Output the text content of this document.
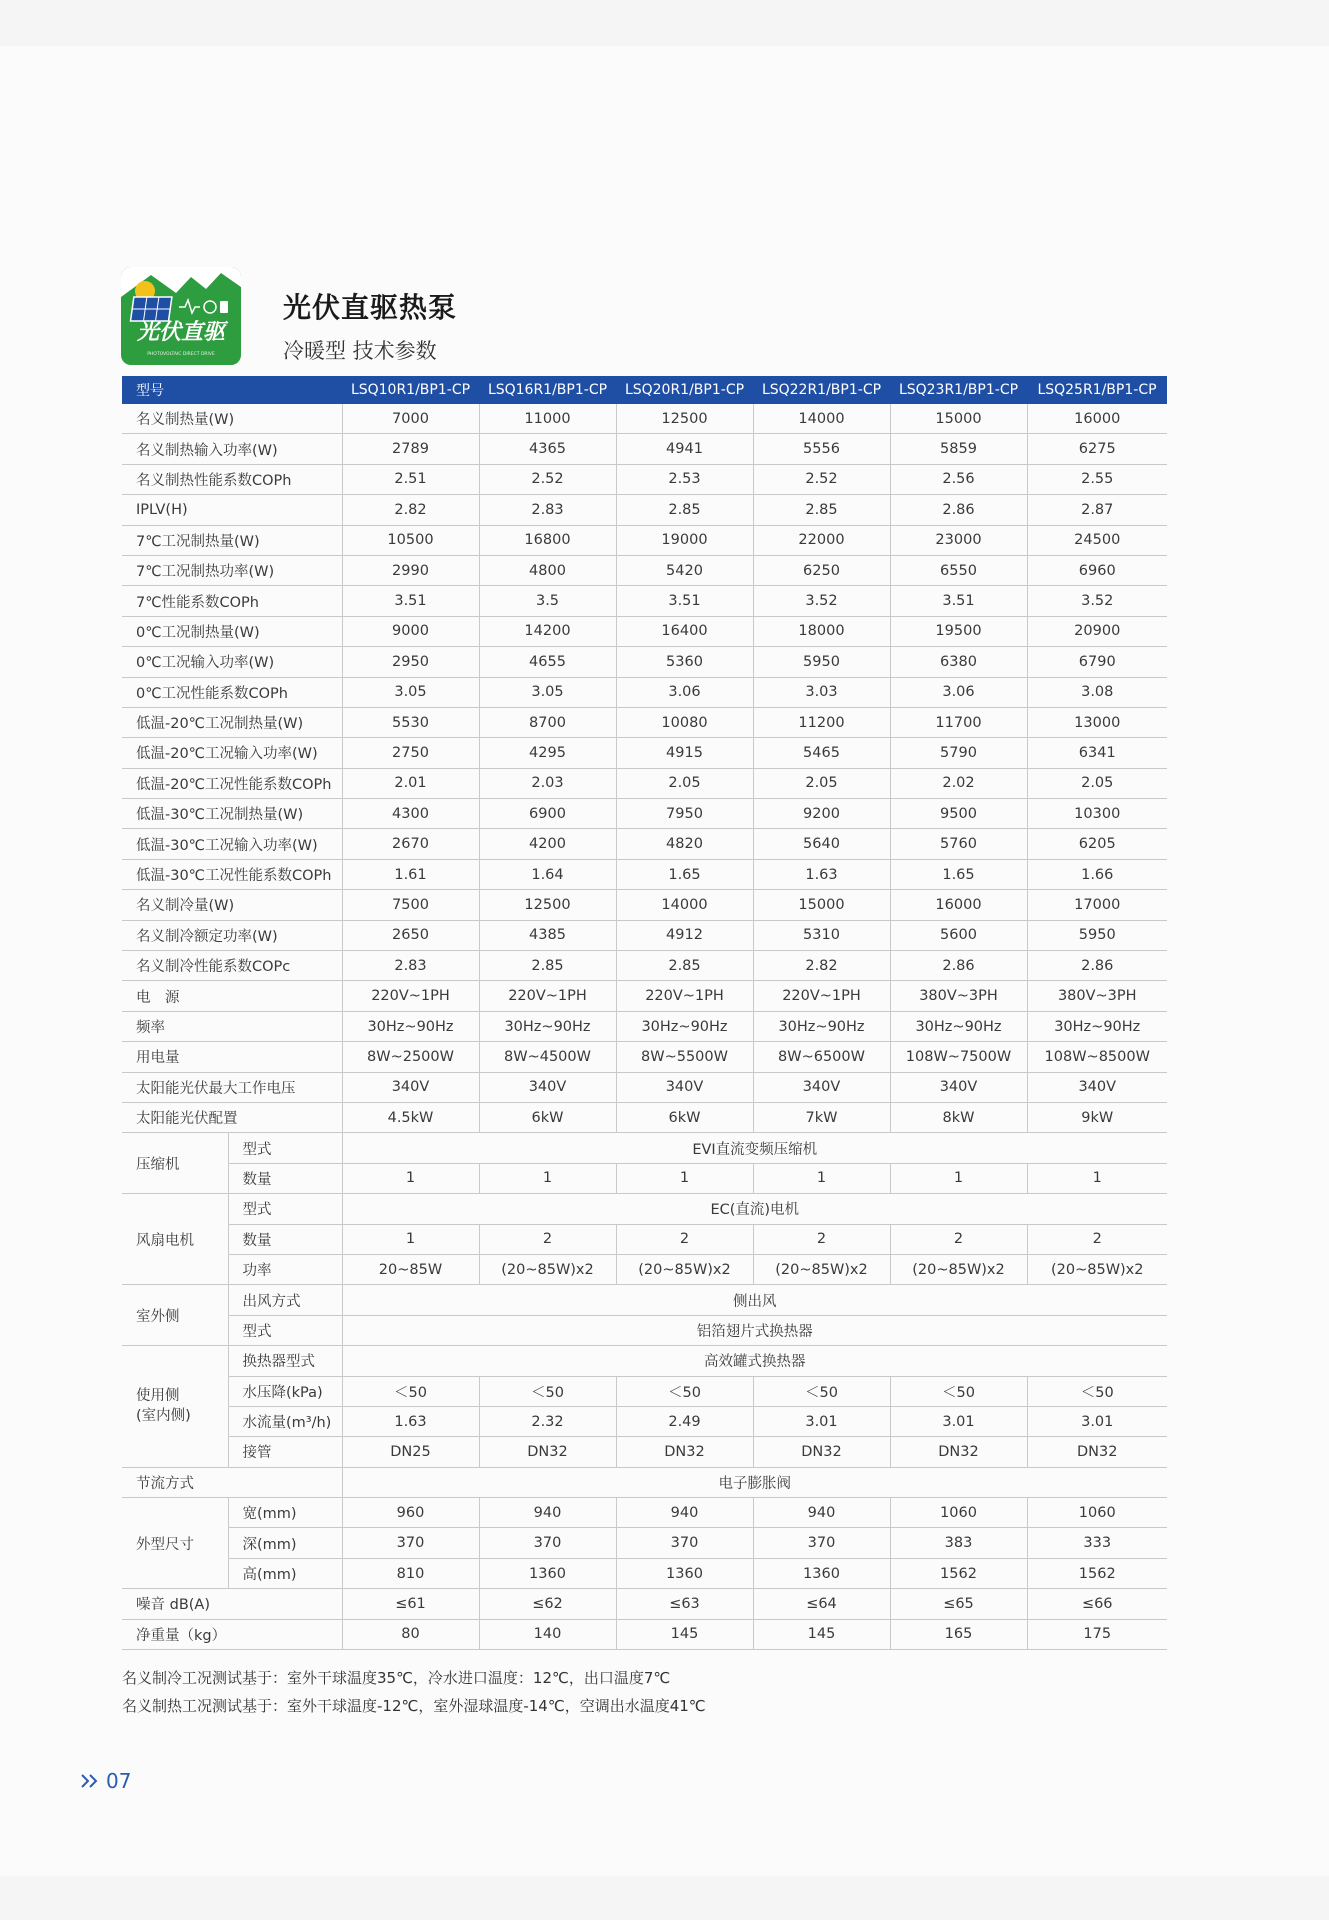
光伏直驱
PHOTOVOLTAIC DIRECT DRIVE
光伏直驱热泵
冷暖型 技术参数
型号		LSQ10R1/BP1-CP	LSQ16R1/BP1-CP	LSQ20R1/BP1-CP	LSQ22R1/BP1-CP	LSQ23R1/BP1-CP	LSQ25R1/BP1-CP
名义制热量(W)		7000	11000	12500	14000	15000	16000
名义制热输入功率(W)		2789	4365	4941	5556	5859	6275
名义制热性能系数COPh		2.51	2.52	2.53	2.52	2.56	2.55
IPLV(H)		2.82	2.83	2.85	2.85	2.86	2.87
7℃工况制热量(W)		10500	16800	19000	22000	23000	24500
7℃工况制热功率(W)		2990	4800	5420	6250	6550	6960
7℃性能系数COPh		3.51	3.5	3.51	3.52	3.51	3.52
0℃工况制热量(W)		9000	14200	16400	18000	19500	20900
0℃工况输入功率(W)		2950	4655	5360	5950	6380	6790
0℃工况性能系数COPh		3.05	3.05	3.06	3.03	3.06	3.08
低温-20℃工况制热量(W)		5530	8700	10080	11200	11700	13000
低温-20℃工况输入功率(W)		2750	4295	4915	5465	5790	6341
低温-20℃工况性能系数COPh		2.01	2.03	2.05	2.05	2.02	2.05
低温-30℃工况制热量(W)		4300	6900	7950	9200	9500	10300
低温-30℃工况输入功率(W)		2670	4200	4820	5640	5760	6205
低温-30℃工况性能系数COPh		1.61	1.64	1.65	1.63	1.65	1.66
名义制冷量(W)		7500	12500	14000	15000	16000	17000
名义制冷额定功率(W)		2650	4385	4912	5310	5600	5950
名义制冷性能系数COPc		2.83	2.85	2.85	2.82	2.86	2.86
电　源		220V~1PH	220V~1PH	220V~1PH	220V~1PH	380V~3PH	380V~3PH
频率		30Hz~90Hz	30Hz~90Hz	30Hz~90Hz	30Hz~90Hz	30Hz~90Hz	30Hz~90Hz
用电量		8W~2500W	8W~4500W	8W~5500W	8W~6500W	108W~7500W	108W~8500W
太阳能光伏最大工作电压		340V	340V	340V	340V	340V	340V
太阳能光伏配置		4.5kW	6kW	6kW	7kW	8kW	9kW
压缩机	型式	EVI直流变频压缩机					
	数量	1	1	1	1	1	1
风扇电机	型式	EC(直流)电机					
	数量	1	2	2	2	2	2
	功率	20~85W	(20~85W)x2	(20~85W)x2	(20~85W)x2	(20~85W)x2	(20~85W)x2
室外侧	出风方式	侧出风					
	型式	铝箔翅片式换热器					

使用侧
(室内侧)	换热器型式	高效罐式换热器					
	水压降(kPa)	＜50	＜50	＜50	＜50	＜50	＜50
	水流量(m³/h)	1.63	2.32	2.49	3.01	3.01	3.01
	接管	DN25	DN32	DN32	DN32	DN32	DN32
节流方式		电子膨胀阀					
外型尺寸	宽(mm)	960	940	940	940	1060	1060
	深(mm)	370	370	370	370	383	333
	高(mm)	810	1360	1360	1360	1562	1562
噪音 dB(A)		≤61	≤62	≤63	≤64	≤65	≤66
净重量（kg）		80	140	145	145	165	175
名义制冷工况测试基于：室外干球温度35℃，冷水进口温度：12℃，出口温度7℃
名义制热工况测试基于：室外干球温度-12℃，室外湿球温度-14℃，空调出水温度41℃
07
